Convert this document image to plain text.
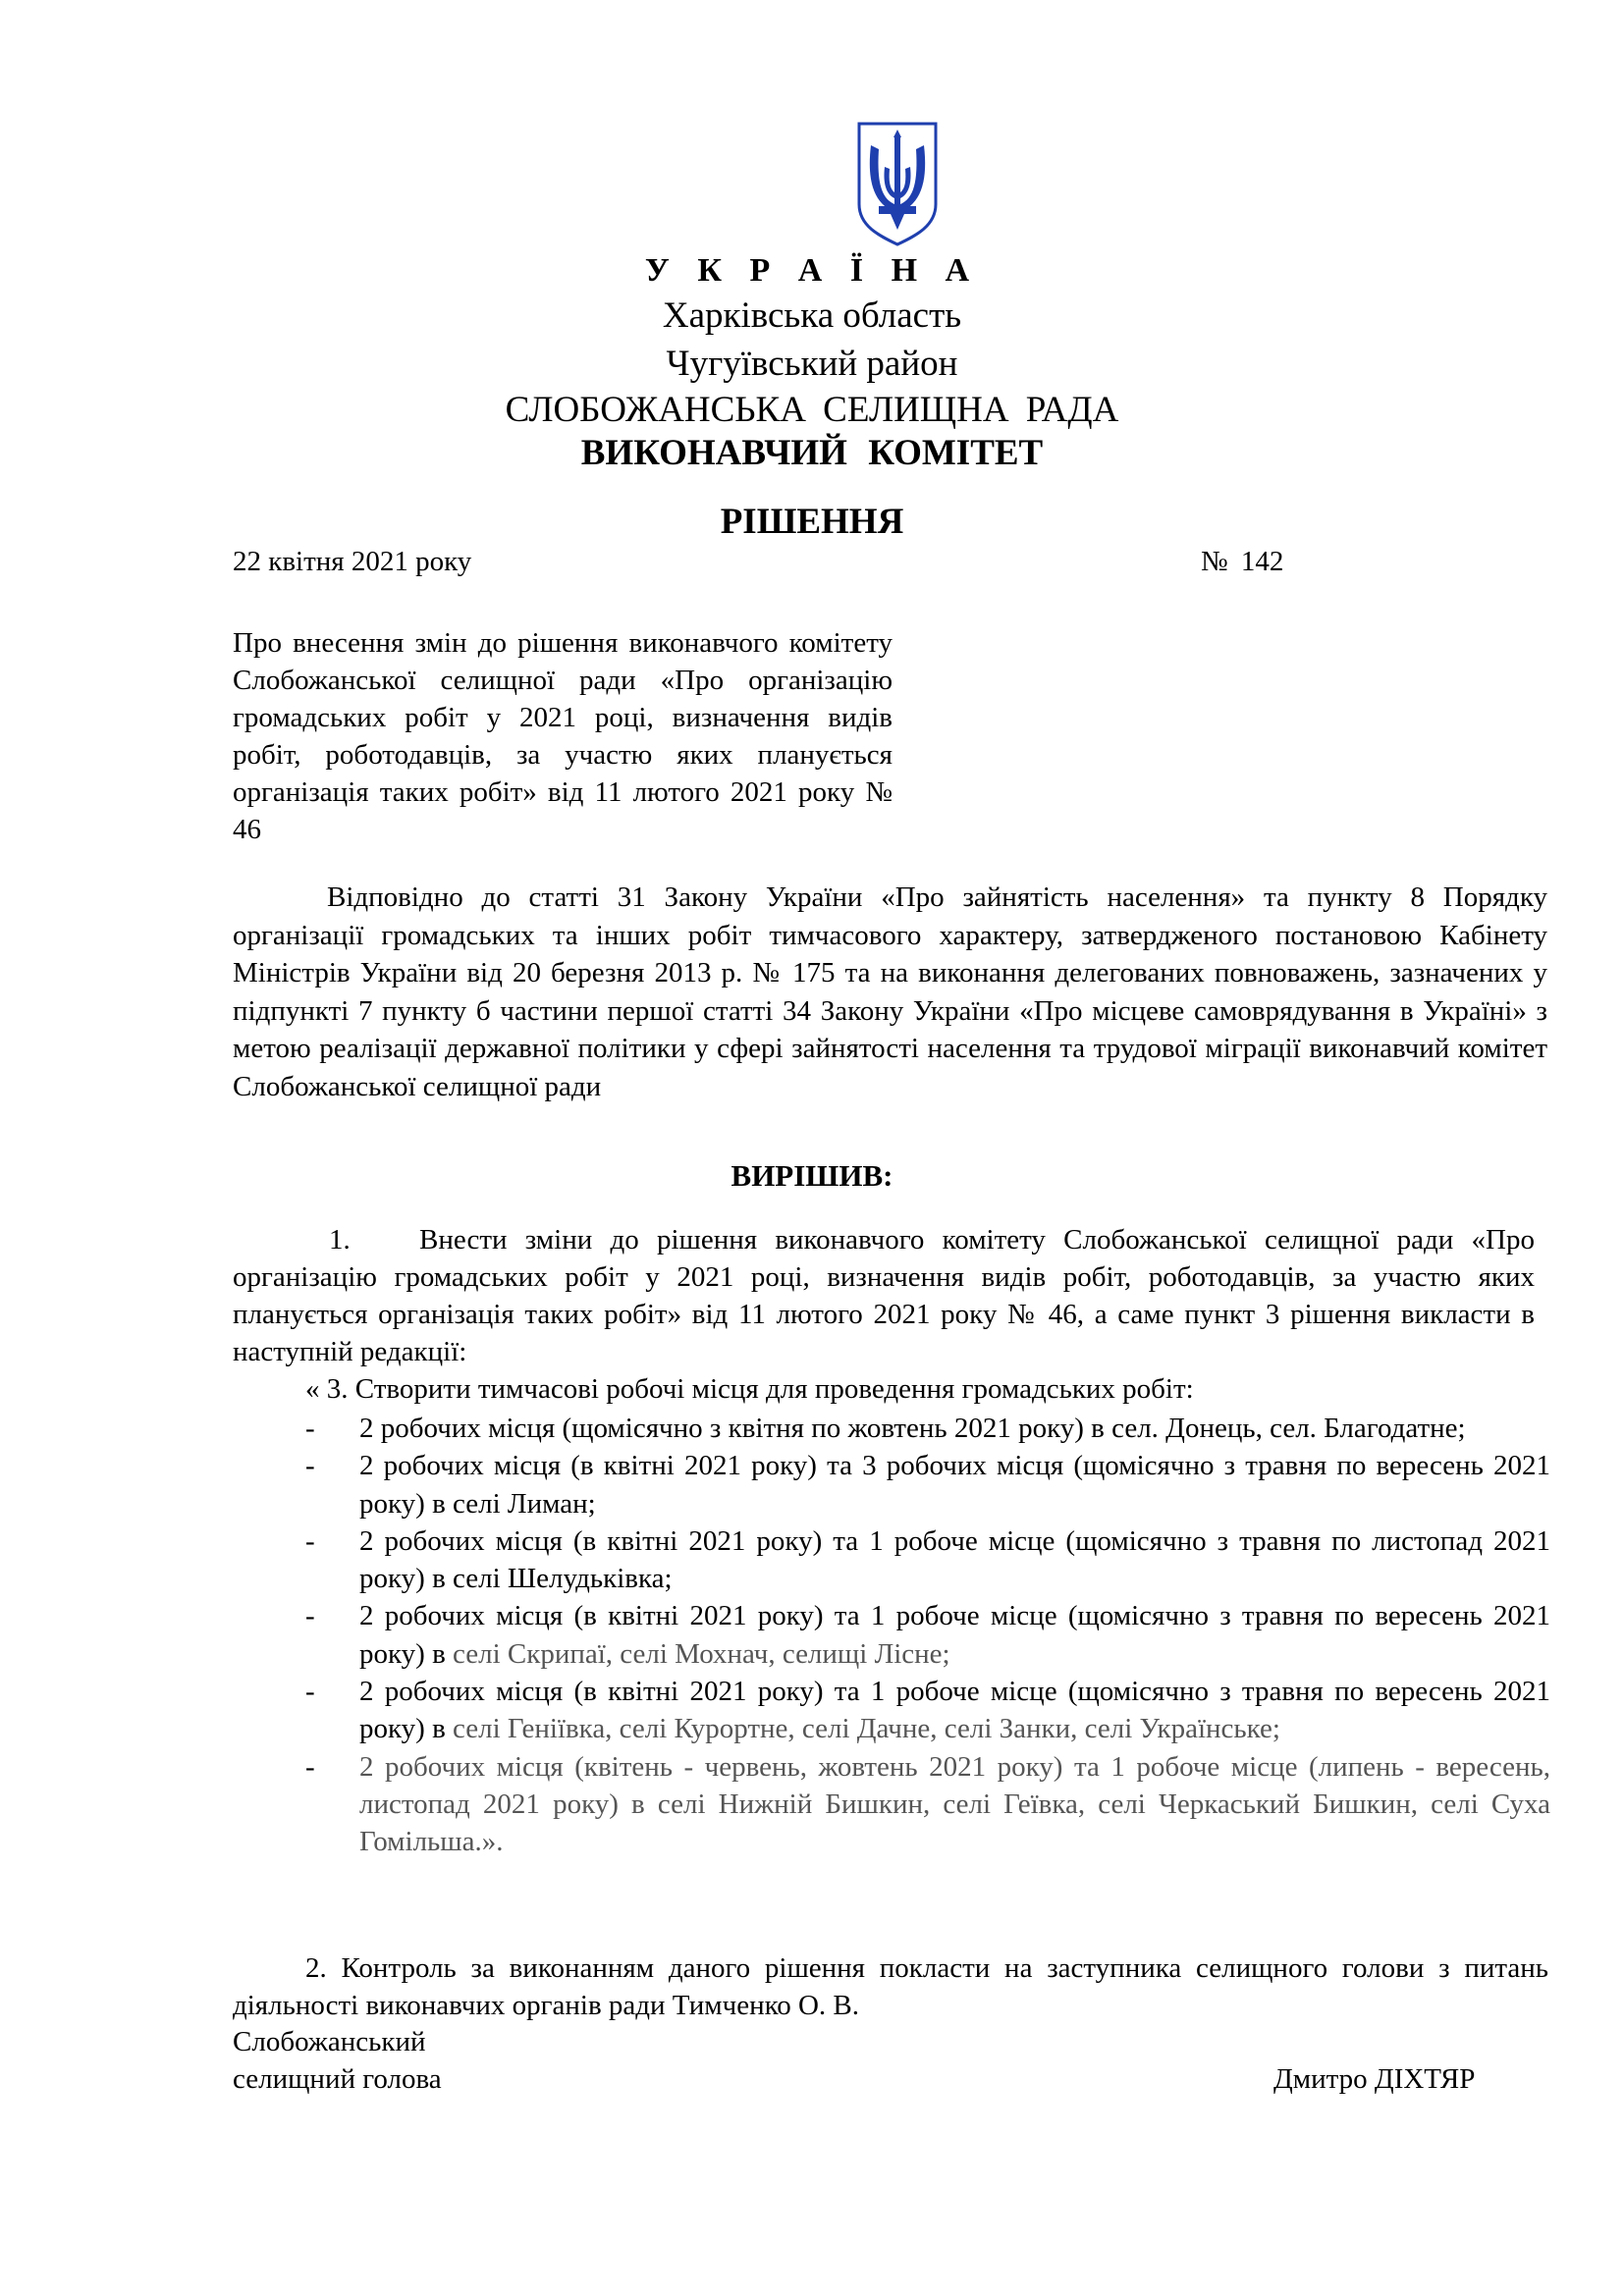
У К Р А Ї Н А
Харківська область
Чугуївський район
СЛОБОЖАНСЬКА СЕЛИЩНА РАДА
ВИКОНАВЧИЙ КОМІТЕТ
РІШЕННЯ
22 квітня 2021 року	№ 142
Про внесення змін до рішення виконавчого комітету Слобожанської селищної ради «Про організацію громадських робіт у 2021 році, визначення видів робіт, роботодавців, за участю яких планується організація таких робіт» від 11 лютого 2021 року № 46
Відповідно до статті 31 Закону України «Про зайнятість населення» та пункту 8 Порядку організації громадських та інших робіт тимчасового характеру, затвердженого постановою Кабінету Міністрів України від 20 березня 2013 р. № 175 та на виконання делегованих повноважень, зазначених у підпункті 7 пункту б частини першої статті 34 Закону України «Про місцеве самоврядування в Україні» з метою реалізації державної політики у сфері зайнятості населення та трудової міграції виконавчий комітет Слобожанської селищної ради
ВИРІШИВ:
1. Внести зміни до рішення виконавчого комітету Слобожанської селищної ради «Про організацію громадських робіт у 2021 році, визначення видів робіт, роботодавців, за участю яких планується організація таких робіт» від 11 лютого 2021 року № 46, а саме пункт 3 рішення викласти в наступній редакції:
« 3. Створити тимчасові робочі місця для проведення громадських робіт:
- 2 робочих місця (щомісячно з квітня по жовтень 2021 року) в сел. Донець, сел. Благодатне;
- 2 робочих місця (в квітні 2021 року) та 3 робочих місця (щомісячно з травня по вересень 2021 року) в селі Лиман;
- 2 робочих місця (в квітні 2021 року) та 1 робоче місце (щомісячно з травня по листопад 2021 року) в селі Шелудьківка;
- 2 робочих місця (в квітні 2021 року) та 1 робоче місце (щомісячно з травня по вересень 2021 року) в селі Скрипаї, селі Мохнач, селищі Лісне;
- 2 робочих місця (в квітні 2021 року) та 1 робоче місце (щомісячно з травня по вересень 2021 року) в селі Геніївка, селі Курортне, селі Дачне, селі Занки, селі Українське;
- 2 робочих місця (квітень - червень, жовтень 2021 року) та 1 робоче місце (липень - вересень, листопад 2021 року) в селі Нижній Бишкин, селі Геївка, селі Черкаський Бишкин, селі Суха Гомільша.».
2. Контроль за виконанням даного рішення покласти на заступника селищного голови з питань діяльності виконавчих органів ради Тимченко О. В.
Слобожанський
селищний голова	Дмитро ДІХТЯР
